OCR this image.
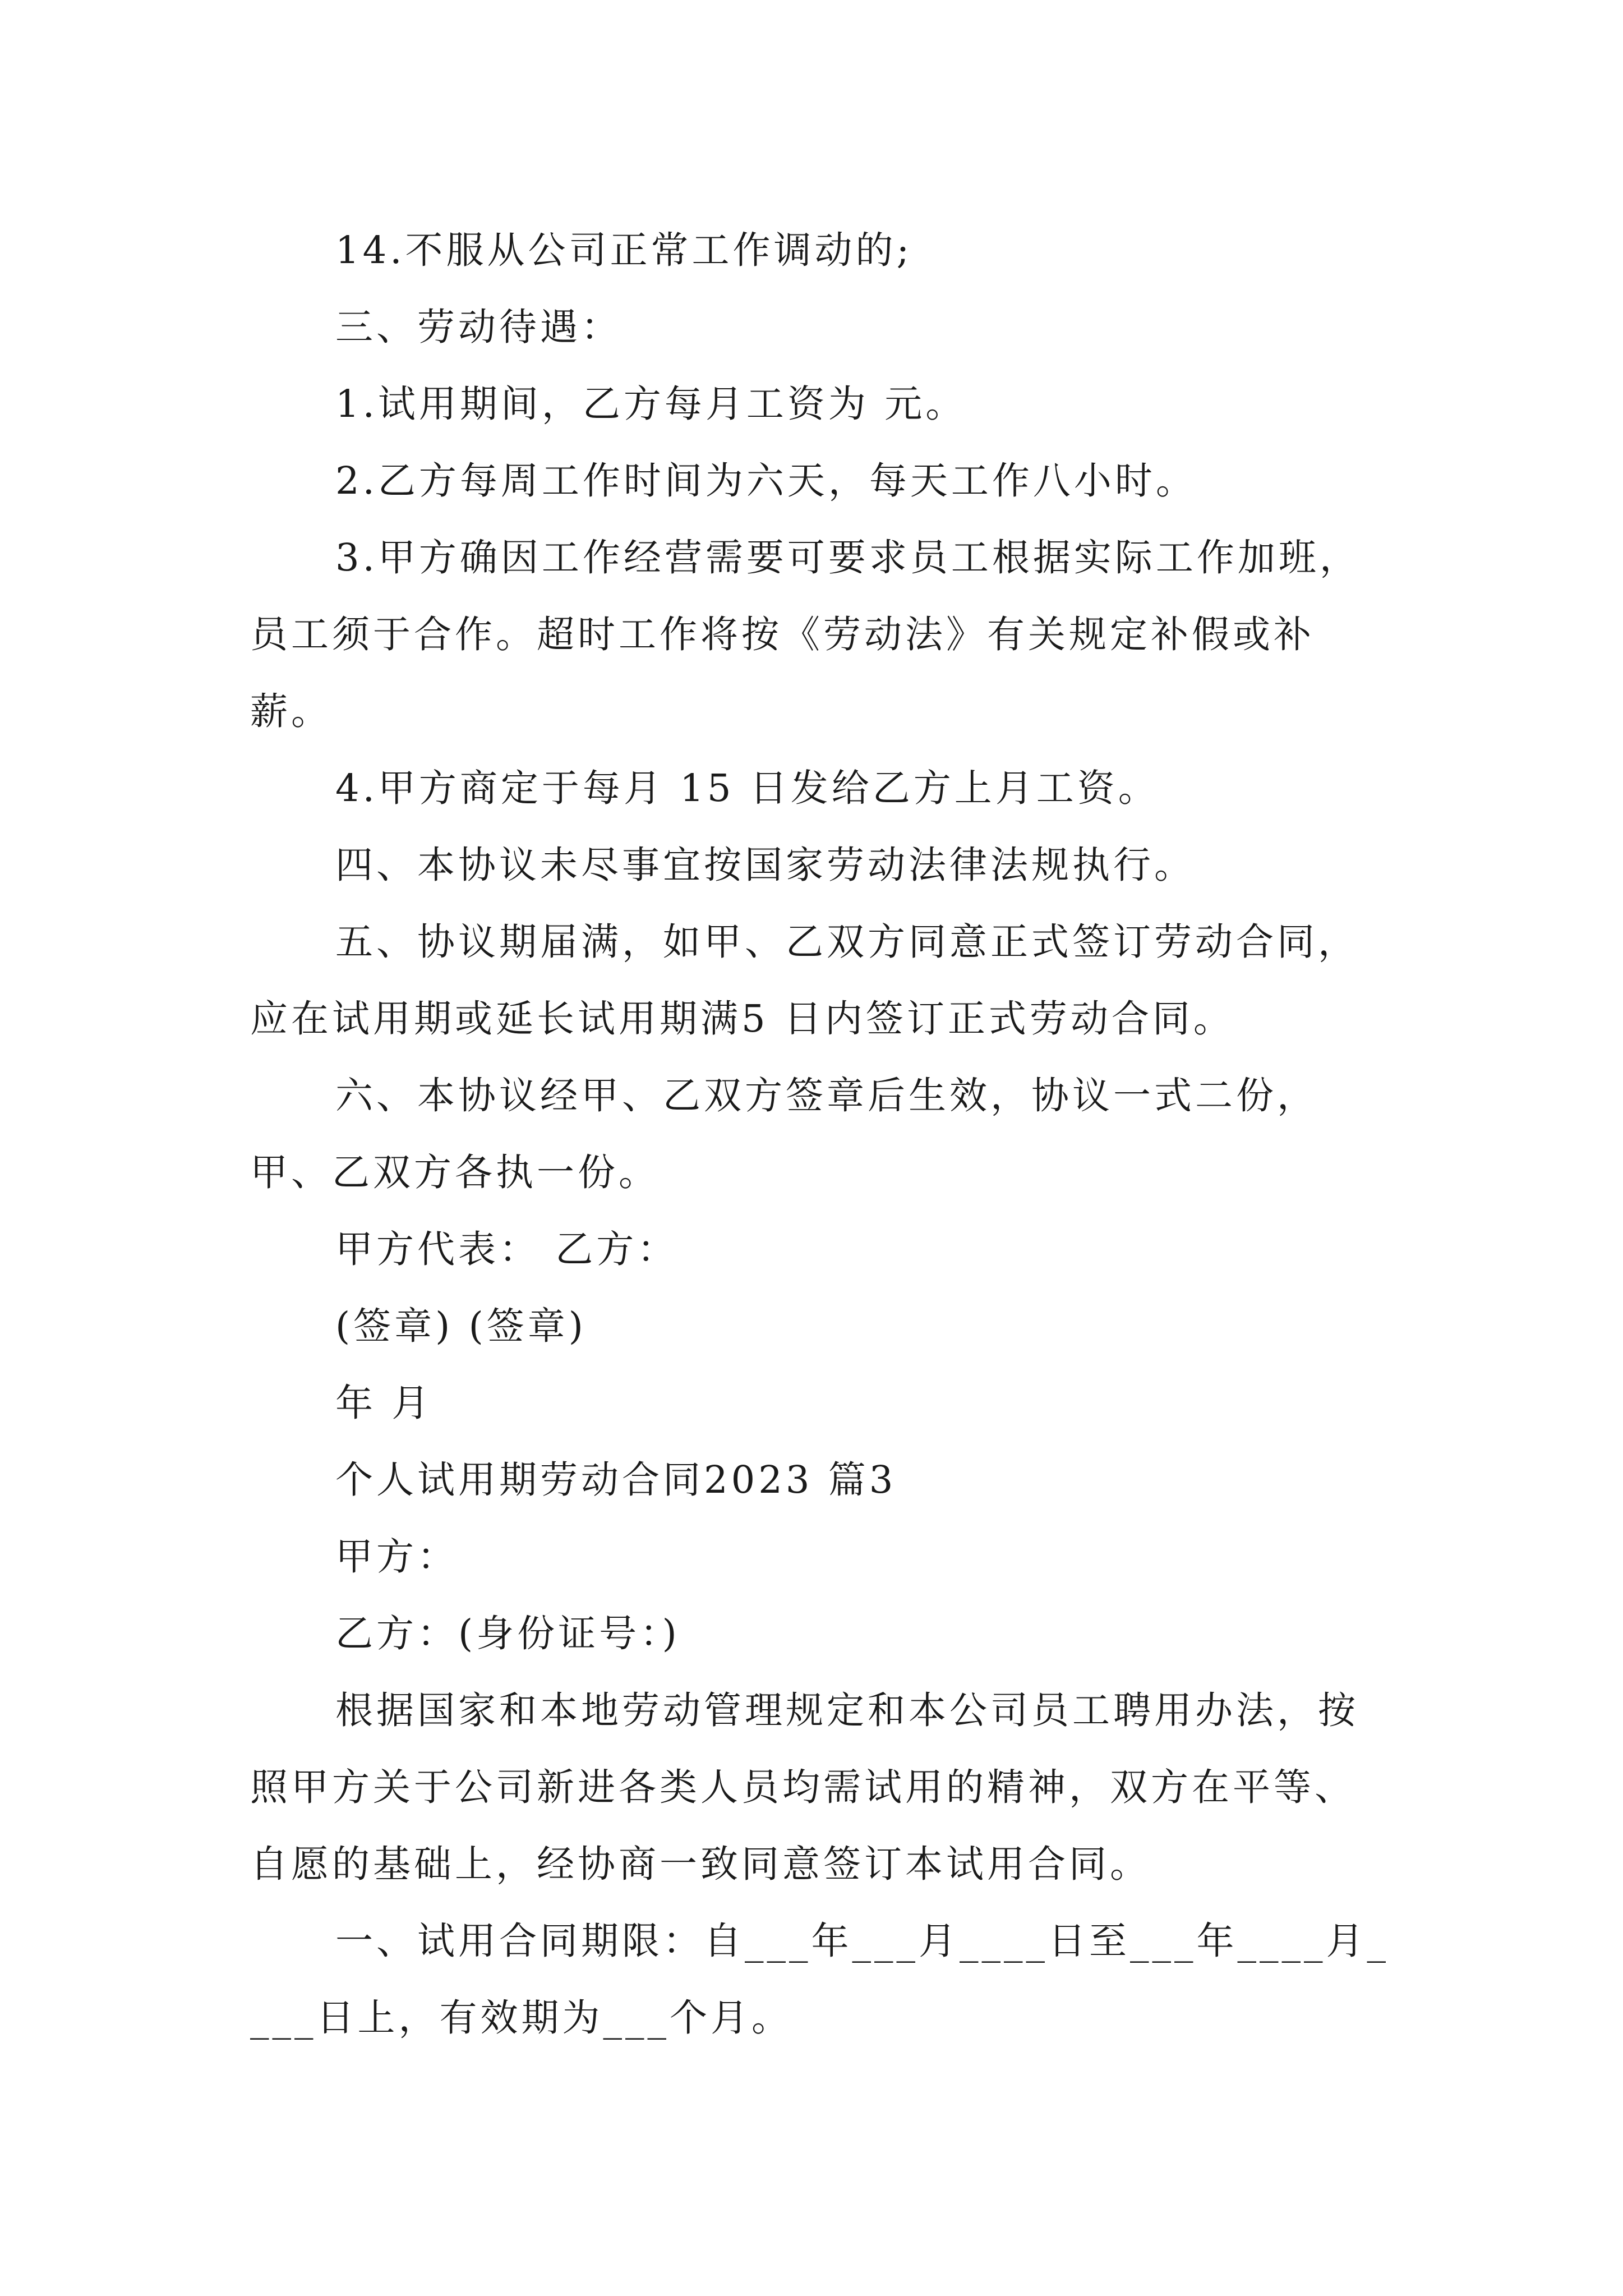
14.不服从公司正常工作调动的;

三、劳动待遇：

1.试用期间，乙方每月工资为 元。

2.乙方每周工作时间为六天，每天工作八小时。

3.甲方确因工作经营需要可要求员工根据实际工作加班，员工须于合作。超时工作将按《劳动法》有关规定补假或补薪。

4.甲方商定于每月 15 日发给乙方上月工资。

四、本协议未尽事宜按国家劳动法律法规执行。

五、协议期届满，如甲、乙双方同意正式签订劳动合同，应在试用期或延长试用期满5 日内签订正式劳动合同。

六、本协议经甲、乙双方签章后生效，协议一式二份，甲、乙双方各执一份。

甲方代表： 乙方：

(签章) (签章)

年 月

个人试用期劳动合同2023 篇3

甲方：

乙方：(身份证号：)

根据国家和本地劳动管理规定和本公司员工聘用办法，按照甲方关于公司新进各类人员均需试用的精神，双方在平等、自愿的基础上，经协商一致同意签订本试用合同。

一、试用合同期限：自___年___月____日至___年____月____日上，有效期为___个月。
